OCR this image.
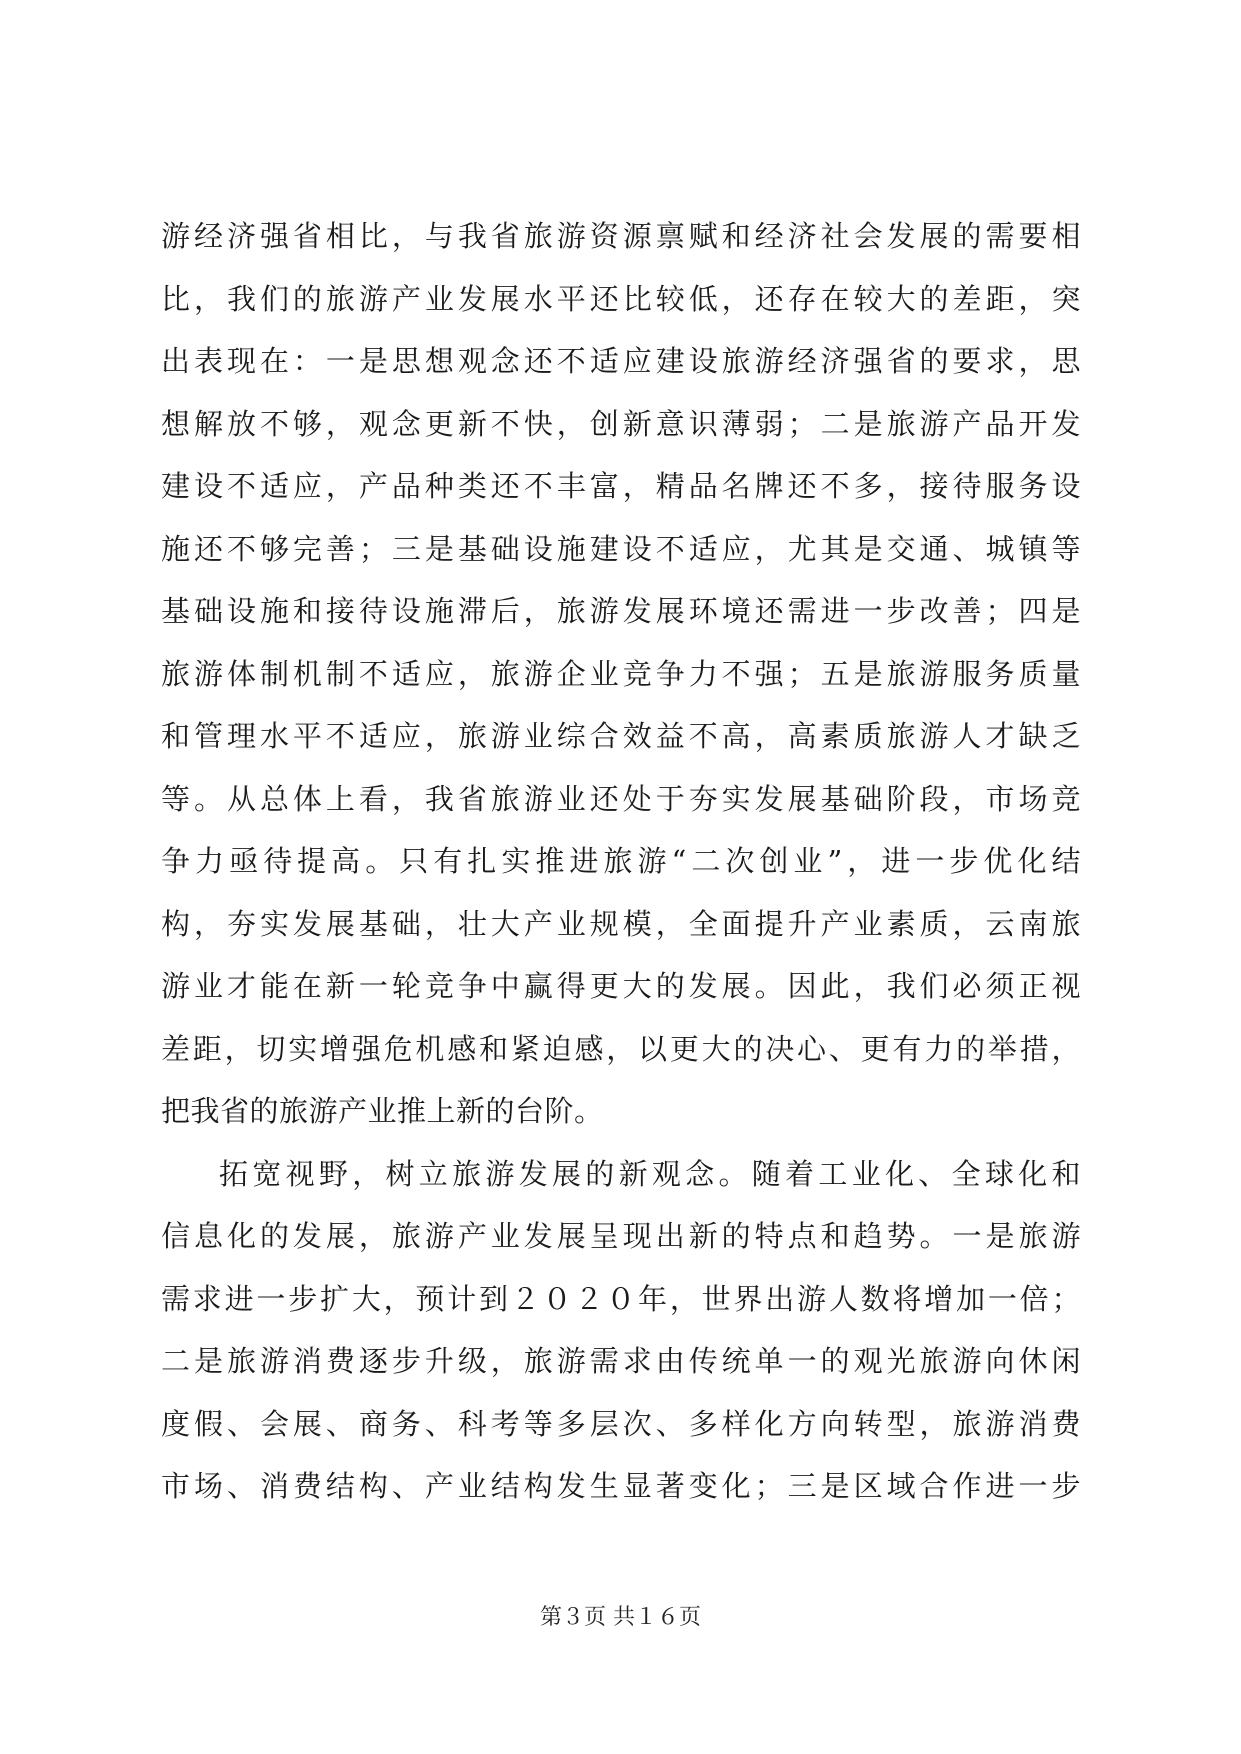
游经济强省相比，与我省旅游资源禀赋和经济社会发展的需要相
比，我们的旅游产业发展水平还比较低，还存在较大的差距，突
出表现在：一是思想观念还不适应建设旅游经济强省的要求，思
想解放不够，观念更新不快，创新意识薄弱；二是旅游产品开发
建设不适应，产品种类还不丰富，精品名牌还不多，接待服务设
施还不够完善；三是基础设施建设不适应，尤其是交通、城镇等
基础设施和接待设施滞后，旅游发展环境还需进一步改善；四是
旅游体制机制不适应，旅游企业竞争力不强；五是旅游服务质量
和管理水平不适应，旅游业综合效益不高，高素质旅游人才缺乏
等。从总体上看，我省旅游业还处于夯实发展基础阶段，市场竞
争力亟待提高。只有扎实推进旅游“二次创业”，进一步优化结
构，夯实发展基础，壮大产业规模，全面提升产业素质，云南旅
游业才能在新一轮竞争中赢得更大的发展。因此，我们必须正视
差距，切实增强危机感和紧迫感，以更大的决心、更有力的举措，
把我省的旅游产业推上新的台阶。
拓宽视野，树立旅游发展的新观念。随着工业化、全球化和
信息化的发展，旅游产业发展呈现出新的特点和趋势。一是旅游
需求进一步扩大，预计到２０２０年，世界出游人数将增加一倍；
二是旅游消费逐步升级，旅游需求由传统单一的观光旅游向休闲
度假、会展、商务、科考等多层次、多样化方向转型，旅游消费
市场、消费结构、产业结构发生显著变化；三是区域合作进一步
第３页 共１６页
